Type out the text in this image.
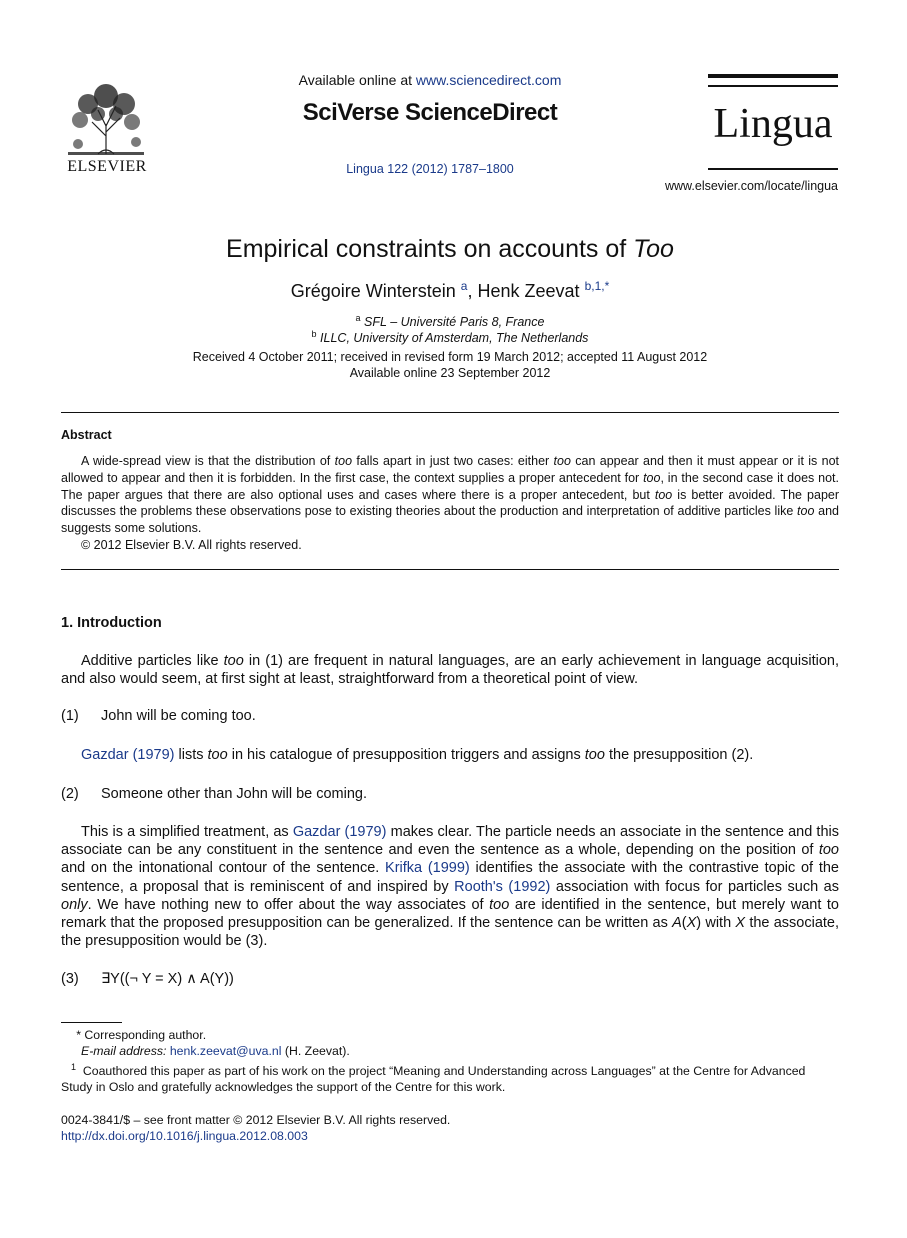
ELSEVIER
Available online at www.sciencedirect.com
SciVerse ScienceDirect
Lingua 122 (2012) 1787–1800
Lingua
www.elsevier.com/locate/lingua
Empirical constraints on accounts of Too
Grégoire Winterstein $^a$, Henk Zeevat $^{b,1,*}$
$^a$ SFL – Université Paris 8, France
$^b$ ILLC, University of Amsterdam, The Netherlands
Received 4 October 2011; received in revised form 19 March 2012; accepted 11 August 2012
Available online 23 September 2012
Abstract

A wide-spread view is that the distribution of too falls apart in just two cases: either too can appear and then it must appear or it is not allowed to appear and then it is forbidden. In the first case, the context supplies a proper antecedent for too, in the second case it does not. The paper argues that there are also optional uses and cases where there is a proper antecedent, but too is better avoided. The paper discusses the problems these observations pose to existing theories about the production and interpretation of additive particles like too and suggests some solutions.

© 2012 Elsevier B.V. All rights reserved.

1. Introduction
Additive particles like too in (1) are frequent in natural languages, are an early achievement in language acquisition, and also would seem, at first sight at least, straightforward from a theoretical point of view.
(1) John will be coming too.
Gazdar (1979) lists too in his catalogue of presupposition triggers and assigns too the presupposition (2).
(2) Someone other than John will be coming.
This is a simplified treatment, as Gazdar (1979) makes clear. The particle needs an associate in the sentence and this associate can be any constituent in the sentence and even the sentence as a whole, depending on the position of too and on the intonational contour of the sentence. Krifka (1999) identifies the associate with the contrastive topic of the sentence, a proposal that is reminiscent of and inspired by Rooth's (1992) association with focus for particles such as only. We have nothing new to offer about the way associates of too are identified in the sentence, but merely want to remark that the proposed presupposition can be generalized. If the sentence can be written as A(X) with X the associate, the presupposition would be (3).
(3) ∃Y((¬ Y = X) ∧ A(Y))
* Corresponding author.
E-mail address: henk.zeevat@uva.nl (H. Zeevat).
$^1$ Coauthored this paper as part of his work on the project “Meaning and Understanding across Languages” at the Centre for Advanced Study in Oslo and gratefully acknowledges the support of the Centre for this work.
0024-3841/$ – see front matter © 2012 Elsevier B.V. All rights reserved.
http://dx.doi.org/10.1016/j.lingua.2012.08.003
